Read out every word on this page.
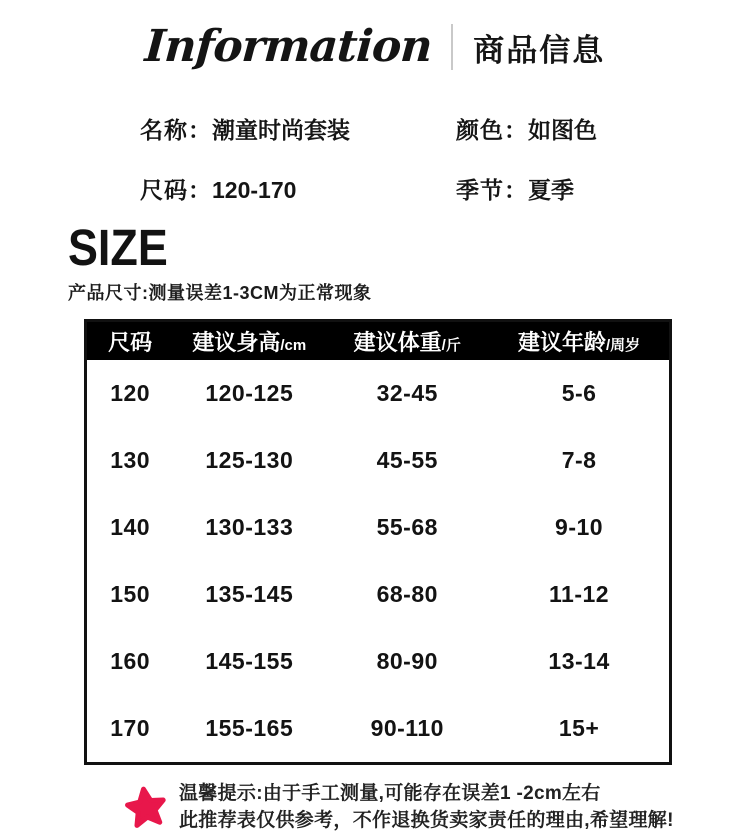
Information 商品信息
名称：潮童时尚套装	颜色：如图色
尺码：120-170	季节：夏季
SIZE
产品尺寸:测量误差1-3CM为正常现象
尺码	建议身高/cm	建议体重/斤	建议年龄/周岁
120	120-125	32-45	5-6
130	125-130	45-55	7-8
140	130-133	55-68	9-10
150	135-145	68-80	11-12
160	145-155	80-90	13-14
170	155-165	90-110	15+
温馨提示:由于手工测量,可能存在误差1 -2cm左右
此推荐表仅供参考，不作退换货卖家责任的理由,希望理解!
